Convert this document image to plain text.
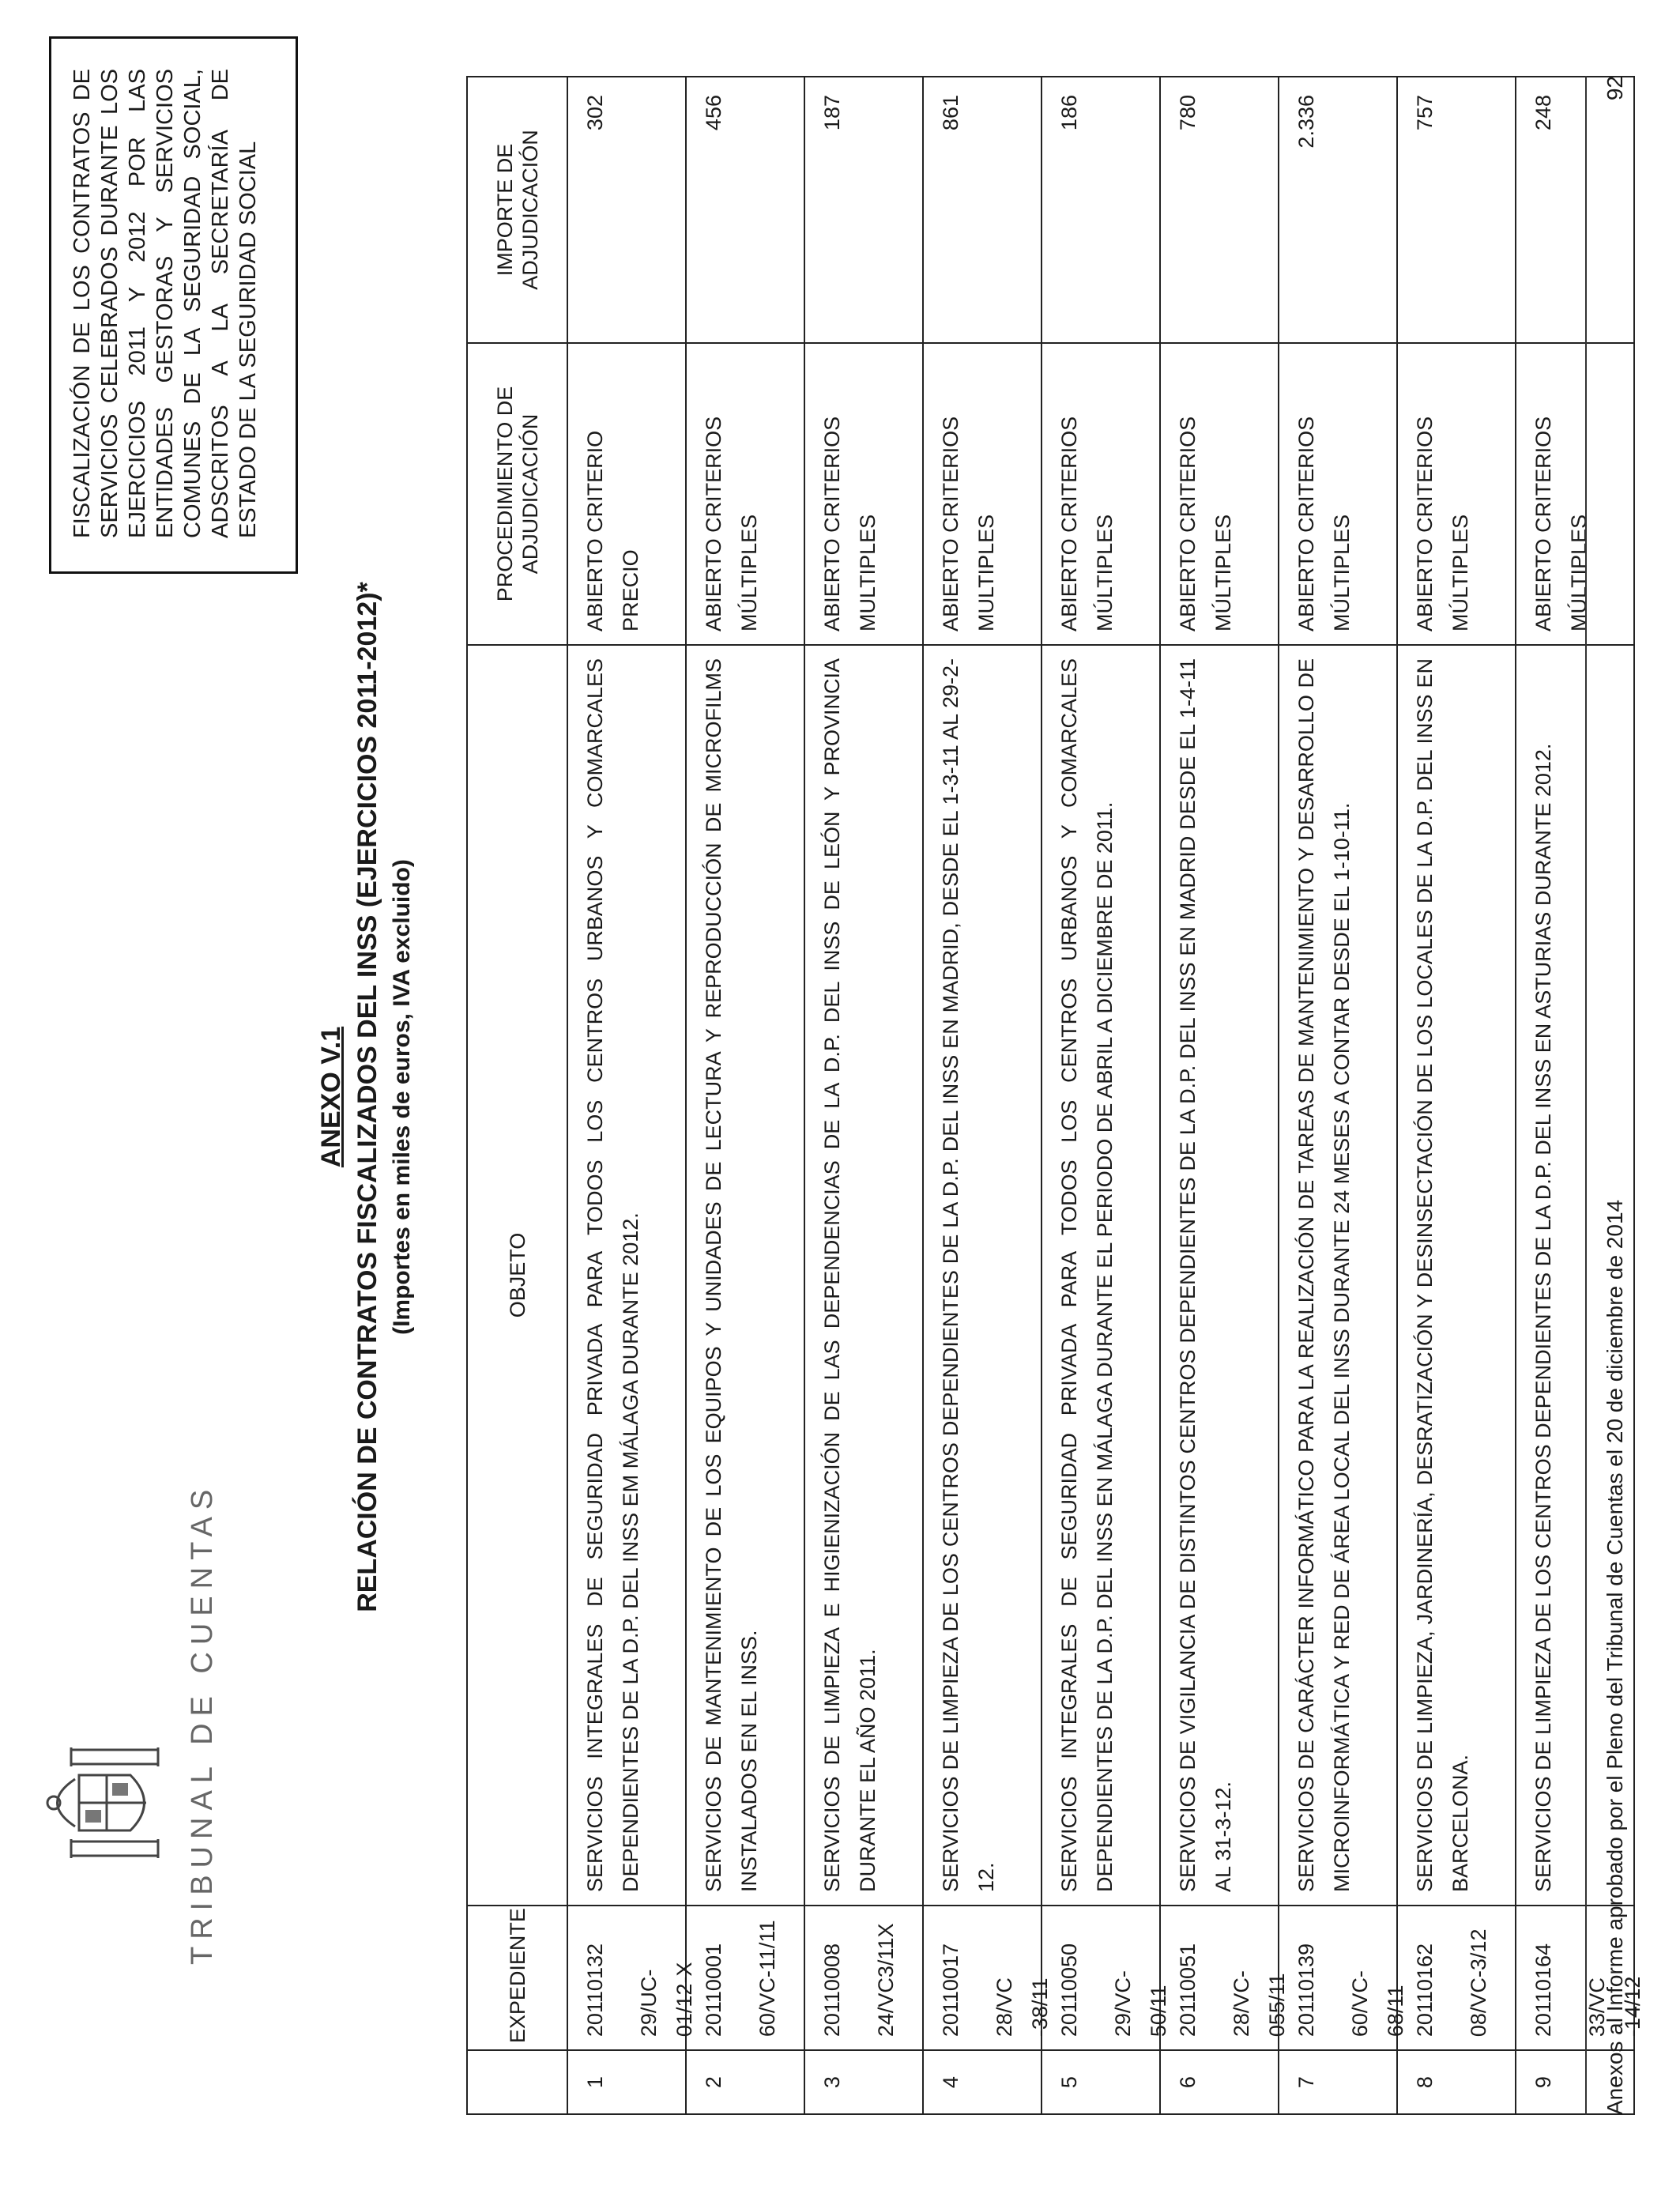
TRIBUNAL DE CUENTAS
FISCALIZACIÓN DE LOS CONTRATOS DE SERVICIOS CELEBRADOS DURANTE LOS EJERCICIOS 2011 Y 2012 POR LAS ENTIDADES GESTORAS Y SERVICIOS COMUNES DE LA SEGURIDAD SOCIAL, ADSCRITOS A LA SECRETARÍA DE ESTADO DE LA SEGURIDAD SOCIAL
ANEXO V.1 RELACIÓN DE CONTRATOS FISCALIZADOS DEL INSS (EJERCICIOS 2011-2012)* (Importes en miles de euros, IVA excluido)
	EXPEDIENTE	OBJETO	PROCEDIMIENTO DE ADJUDICACIÓN	IMPORTE DE ADJUDICACIÓN
1	20110132 29/UC-01/12-X	SERVICIOS INTEGRALES DE SEGURIDAD PRIVADA PARA TODOS LOS CENTROS URBANOS Y COMARCALES DEPENDIENTES DE LA D.P. DEL INSS EM MÁLAGA DURANTE 2012.	ABIERTO CRITERIO PRECIO	302
2	20110001 60/VC-11/11	SERVICIOS DE MANTENIMIENTO DE LOS EQUIPOS Y UNIDADES DE LECTURA Y REPRODUCCIÓN DE MICROFILMS INSTALADOS EN EL INSS.	ABIERTO CRITERIOS MÚLTIPLES	456
3	20110008 24/VC3/11X	SERVICIOS DE LIMPIEZA E HIGIENIZACIÓN DE LAS DEPENDENCIAS DE LA D.P. DEL INSS DE LEÓN Y PROVINCIA DURANTE EL AÑO 2011.	ABIERTO CRITERIOS MULTIPLES	187
4	20110017 28/VC -38/11	SERVICIOS DE LIMPIEZA DE LOS CENTROS DEPENDIENTES DE LA D.P. DEL INSS EN MADRID, DESDE EL 1-3-11 AL 29-2-12.	ABIERTO CRITERIOS MULTIPLES	861
5	20110050 29/VC-50/11	SERVICIOS INTEGRALES DE SEGURIDAD PRIVADA PARA TODOS LOS CENTROS URBANOS Y COMARCALES DEPENDIENTES DE LA D.P. DEL INSS EN MÁLAGA DURANTE EL PERIODO DE ABRIL A DICIEMBRE DE 2011.	ABIERTO CRITERIOS MÚLTIPLES	186
6	20110051 28/VC-055/11	SERVICIOS DE VIGILANCIA DE DISTINTOS CENTROS DEPENDIENTES DE LA D.P. DEL INSS EN MADRID DESDE EL 1-4-11 AL 31-3-12.	ABIERTO CRITERIOS MÚLTIPLES	780
7	20110139 60/VC-68/11	SERVICIOS DE CARÁCTER INFORMÁTICO PARA LA REALIZACIÓN DE TAREAS DE MANTENIMIENTO Y DESARROLLO DE MICROINFORMÁTICA Y RED DE ÁREA LOCAL DEL INSS DURANTE 24 MESES A CONTAR DESDE EL 1-10-11.	ABIERTO CRITERIOS MÚLTIPLES	2.336
8	20110162 08/VC-3/12	SERVICIOS DE LIMPIEZA, JARDINERÍA, DESRATIZACIÓN Y DESINSECTACIÓN DE LOS LOCALES DE LA D.P. DEL INSS EN BARCELONA.	ABIERTO CRITERIOS MÚLTIPLES	757
9	20110164 33/VC -14/12	SERVICIOS DE LIMPIEZA DE LOS CENTROS DEPENDIENTES DE LA D.P. DEL INSS EN ASTURIAS DURANTE 2012.	ABIERTO CRITERIOS MÚLTIPLES	248
Anexos al Informe aprobado por el Pleno del Tribunal de Cuentas el 20 de diciembre de 2014
92
